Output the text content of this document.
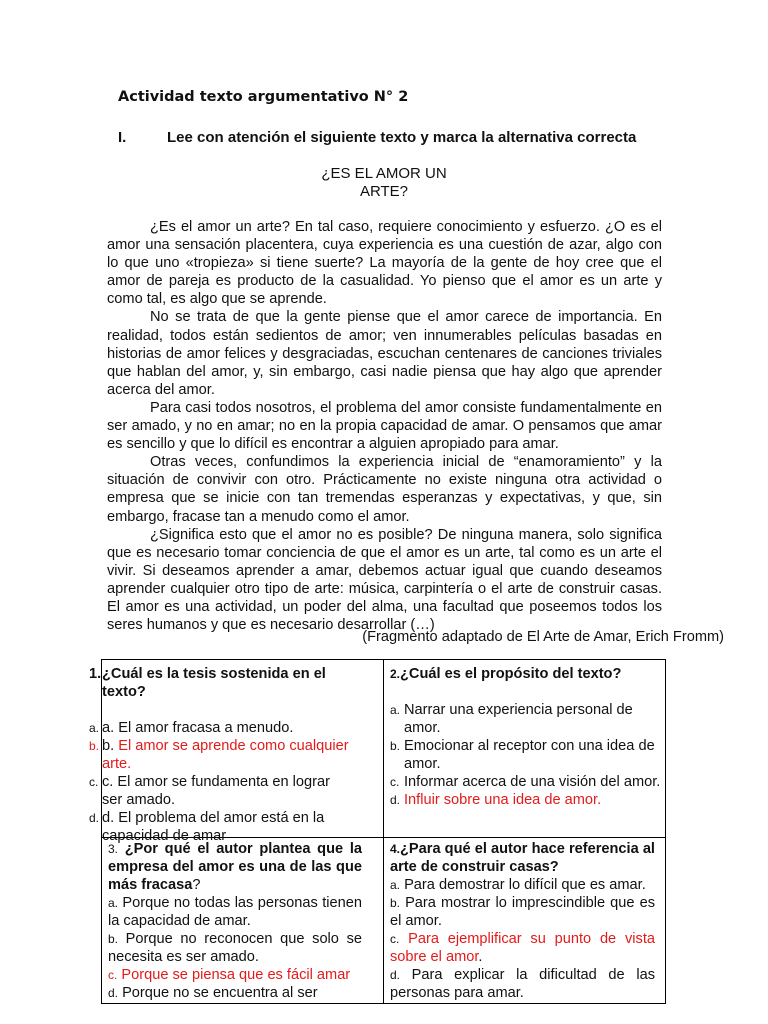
Actividad texto argumentativo N° 2
I.	Lee con atención el siguiente texto y marca la alternativa correcta
¿ES EL AMOR UN
ARTE?

¿Es el amor un arte? En tal caso, requiere conocimiento y esfuerzo. ¿O es el amor una sensación placentera, cuya experiencia es una cuestión de azar, algo con lo que uno «tropieza» si tiene suerte? La mayoría de la gente de hoy cree que el amor de pareja es producto de la casualidad. Yo pienso que el amor es un arte y como tal, es algo que se aprende.

No se trata de que la gente piense que el amor carece de importancia. En realidad, todos están sedientos de amor; ven innumerables películas basadas en historias de amor felices y desgraciadas, escuchan centenares de canciones triviales que hablan del amor, y, sin embargo, casi nadie piensa que hay algo que aprender acerca del amor.

Para casi todos nosotros, el problema del amor consiste fundamentalmente en ser amado, y no en amar; no en la propia capacidad de amar. O pensamos que amar es sencillo y que lo difícil es encontrar a alguien apropiado para amar.

Otras veces, confundimos la experiencia inicial de “enamoramiento” y la situación de convivir con otro. Prácticamente no existe ninguna otra actividad o empresa que se inicie con tan tremendas esperanzas y expectativas, y que, sin embargo, fracase tan a menudo como el amor.

¿Significa esto que el amor no es posible? De ninguna manera, solo significa que es necesario tomar conciencia de que el amor es un arte, tal como es un arte el vivir. Si deseamos aprender a amar, debemos actuar igual que cuando deseamos aprender cualquier otro tipo de arte: música, carpintería o el arte de construir casas. El amor es una actividad, un poder del alma, una facultad que poseemos todos los seres humanos y que es necesario desarrollar (…)

(Fragmento adaptado de El Arte de Amar, Erich Fromm)
1. ¿Cuál es la tesis sostenida en el texto?
a. a. El amor fracasa a menudo.
b. b. El amor se aprende como cualquier arte.
c. c. El amor se fundamenta en lograr ser amado.
d. d. El problema del amor está en la capacidad de amar
2.¿Cuál es el propósito del texto?
a. Narrar una experiencia personal de amor.
b. Emocionar al receptor con una idea de amor.
c. Informar acerca de una visión del amor.
d. Influir sobre una idea de amor.
3. ¿Por qué el autor plantea que la empresa del amor es una de las que más fracasa?
a. Porque no todas las personas tienen la capacidad de amar.
b. Porque no reconocen que solo se necesita es ser amado.
c. Porque se piensa que es fácil amar
d. Porque no se encuentra al ser
4.¿Para qué el autor hace referencia al arte de construir casas?
a. Para demostrar lo difícil que es amar.
b. Para mostrar lo imprescindible que es el amor.
c. Para ejemplificar su punto de vista sobre el amor.
d. Para explicar la dificultad de las personas para amar.
